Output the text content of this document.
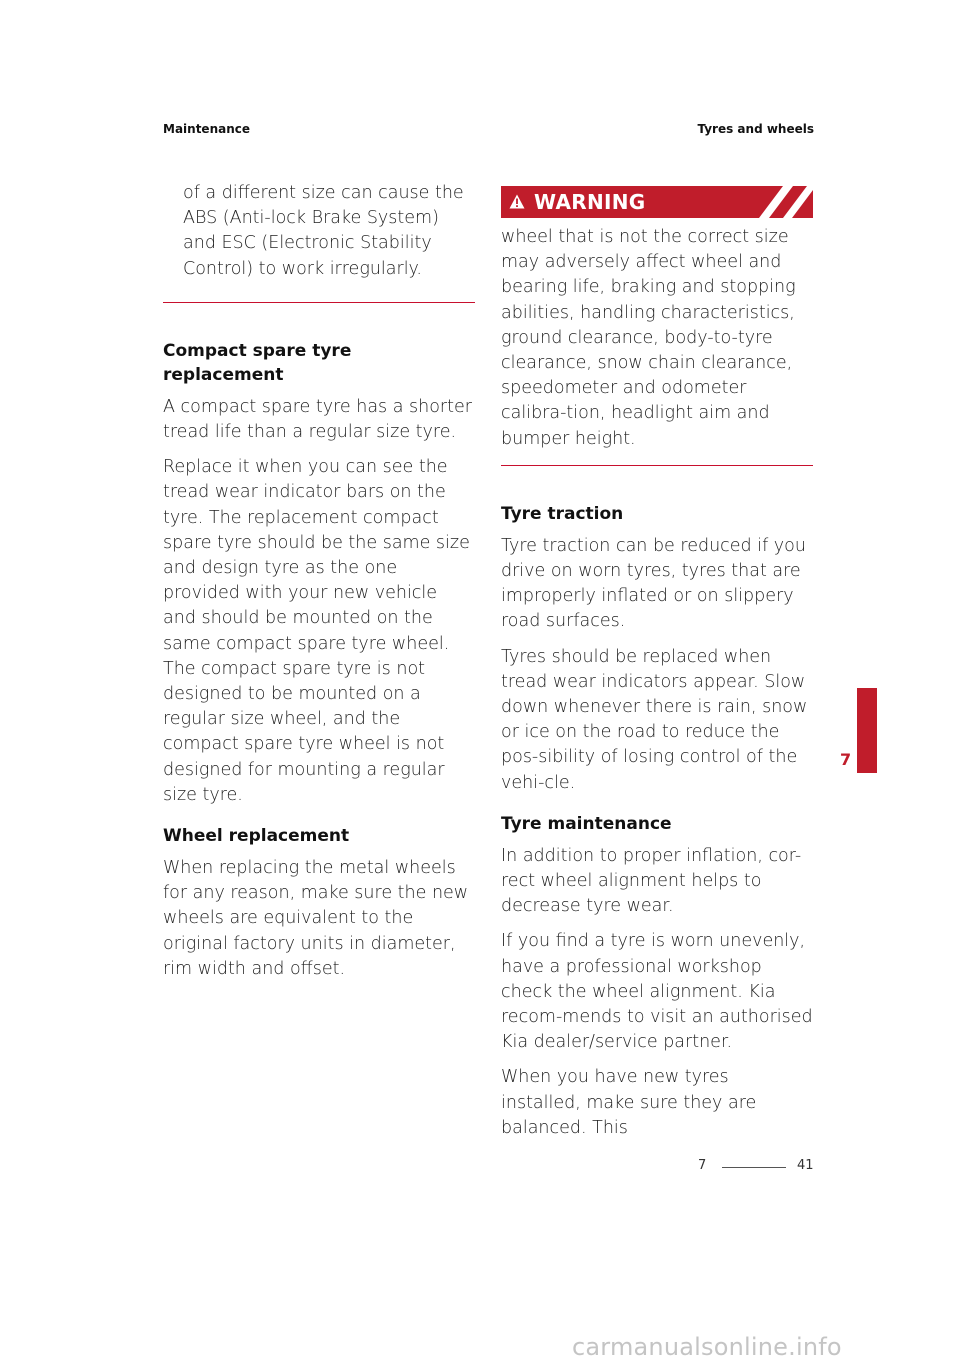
Maintenance	Tyres and wheels

of a different size can cause the ABS (Anti-lock Brake System) and ESC (Electronic Stability Control) to work irregularly.

Compact spare tyre replacement

A compact spare tyre has a shorter tread life than a regular size tyre.

Replace it when you can see the tread wear indicator bars on the tyre. The replacement compact spare tyre should be the same size and design tyre as the one provided with your new vehicle and should be mounted on the same compact spare tyre wheel. The compact spare tyre is not designed to be mounted on a regular size wheel, and the compact spare tyre wheel is not designed for mounting a regular size tyre.

Wheel replacement

When replacing the metal wheels for any reason, make sure the new wheels are equivalent to the original factory units in diameter, rim width and offset.

WARNING

wheel that is not the correct size may adversely affect wheel and bearing life, braking and stopping abilities, handling characteristics, ground clearance, body-to-tyre clearance, snow chain clearance, speedometer and odometer calibra-tion, headlight aim and bumper height.

Tyre traction

Tyre traction can be reduced if you drive on worn tyres, tyres that are improperly inflated or on slippery road surfaces.

Tyres should be replaced when tread wear indicators appear. Slow down whenever there is rain, snow or ice on the road to reduce the pos-sibility of losing control of the vehi-cle.

Tyre maintenance

In addition to proper inflation, cor-rect wheel alignment helps to decrease tyre wear.

If you find a tyre is worn unevenly, have a professional workshop check the wheel alignment. Kia recom-mends to visit an authorised Kia dealer/service partner.

When you have new tyres installed, make sure they are balanced. This

7
7	41
carmanualsonline.info
